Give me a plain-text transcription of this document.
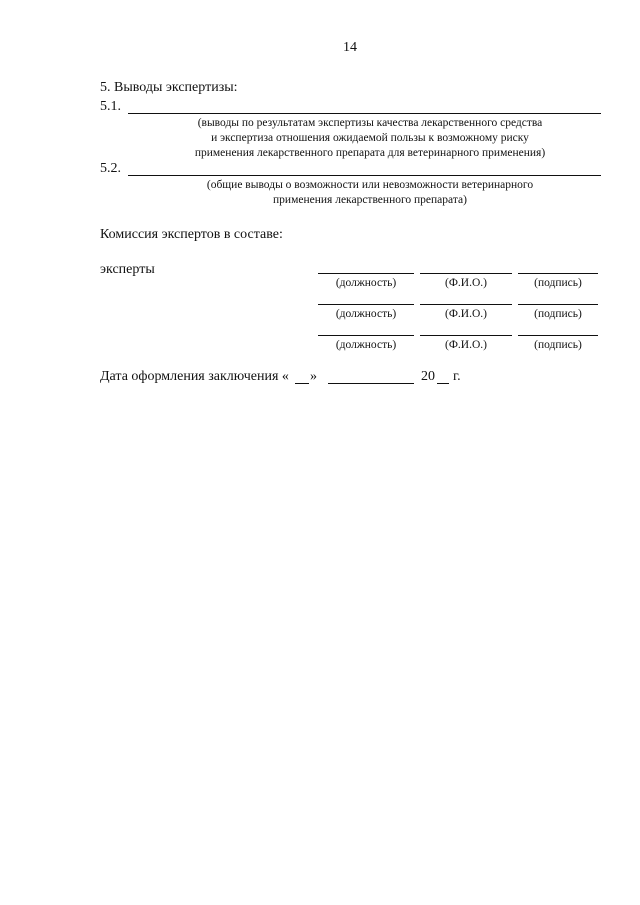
14
5. Выводы экспертизы:
5.1.
(выводы по результатам экспертизы качества лекарственного средства
и экспертиза отношения ожидаемой пользы к возможному риску
применения лекарственного препарата для ветеринарного применения)
5.2.
(общие выводы о возможности или невозможности ветеринарного
применения лекарственного препарата)
Комиссия экспертов в составе:
эксперты
(должность)	(Ф.И.О.)	(подпись)
(должность)	(Ф.И.О.)	(подпись)
(должность)	(Ф.И.О.)	(подпись)
Дата оформления заключения « »	20 г.
